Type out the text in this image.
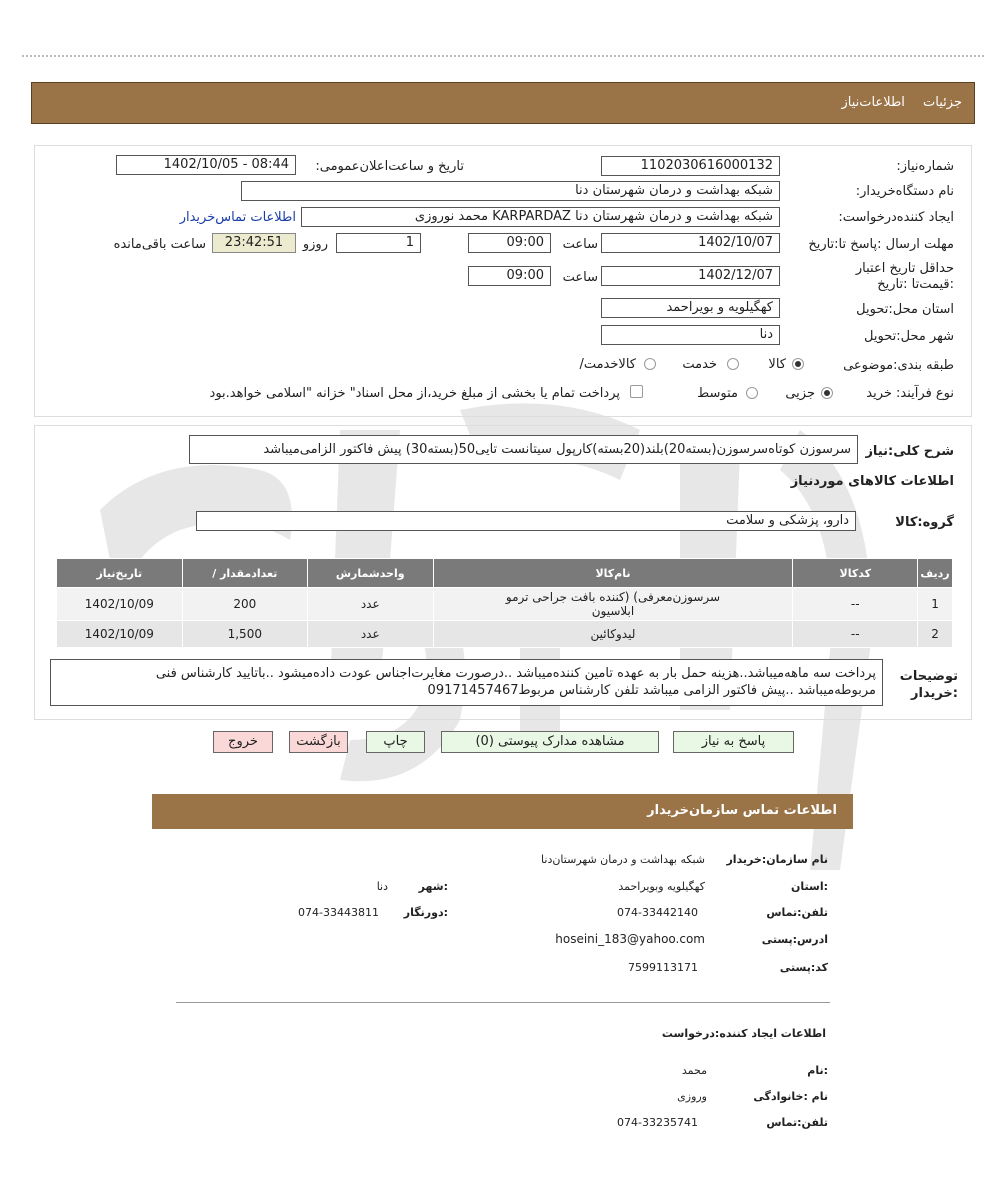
جزئیات اطلاعات‌نیاز
شماره‌نیاز:
1102030616000132
تاریخ و ساعت‌اعلان‌عمومی:
1402/10/05 - 08:44
نام دستگاه‌خریدار:
شبکه بهداشت و درمان شهرستان دنا
ایجاد کننده‌درخواست:
شبکه بهداشت و درمان شهرستان دنا KARPARDAZ محمد نوروزی
اطلاعات تماس‌خریدار
مهلت ارسال :پاسخ تا:تاریخ
1402/10/07
ساعت
09:00
1
روزو
23:42:51
ساعت باقی‌مانده
حداقل تاریخ اعتبار :قیمت‌تا :تاریخ
1402/12/07
ساعت
09:00
استان محل:تحویل
کهگیلویه و بویراحمد
شهر محل:تحویل
دنا
طبقه بندی:موضوعی
کالا
خدمت
کالاخدمت/
نوع فرآیند: خرید
جزیی
متوسط
پرداخت تمام یا بخشی از مبلغ خرید،از محل اسناد" خزانه "اسلامی خواهد.بود
شرح کلی:نیاز
سرسوزن کوتاه‌سرسوزن(بسته20)بلند(20بسته)کارپول سیتانست تایی50(بسته30) پیش فاکتور الزامی‌میباشد
اطلاعات کالاهای موردنیاز
گروه:کالا
دارو، پزشکی و سلامت
ردیف	کدکالا	نام‌کالا	واحدشمارش	تعدادمقدار /	تاریخ‌نیاز
1	--	سرسوزن‌معرفی) (کننده بافت جراحی ترمو
ابلاسیون	عدد	200	1402/10/09
2	--	لیدوکائین	عدد	1,500	1402/10/09
توضیحات
:خریدار
پرداخت سه ماهه‌میباشد..هزینه حمل بار به عهده تامین کننده‌میباشد ..درصورت مغایرت‌اجناس عودت داده‌میشود ..باتایید کارشناس فنی
مربوطه‌میباشد ..پیش فاکتور الزامی میباشد تلفن کارشناس مربوط09171457467
پاسخ به نیاز
مشاهده مدارک پیوستی (0)
چاپ
بازگشت
خروج
اطلاعات تماس سازمان‌خریدار
نام سازمان:خریدار
شبکه بهداشت و درمان شهرستان‌دنا
:استان
کهگیلویه وبویراحمد
:شهر
دنا
تلفن:تماس
074-33442140
:دورنگار
074-33443811
ادرس:پستی
hoseini_183@yahoo.com
کد:پستی
7599113171
اطلاعات ایجاد کننده:درخواست
:نام
محمد
نام :خانوادگی
وروزی
تلفن:تماس
074-33235741
